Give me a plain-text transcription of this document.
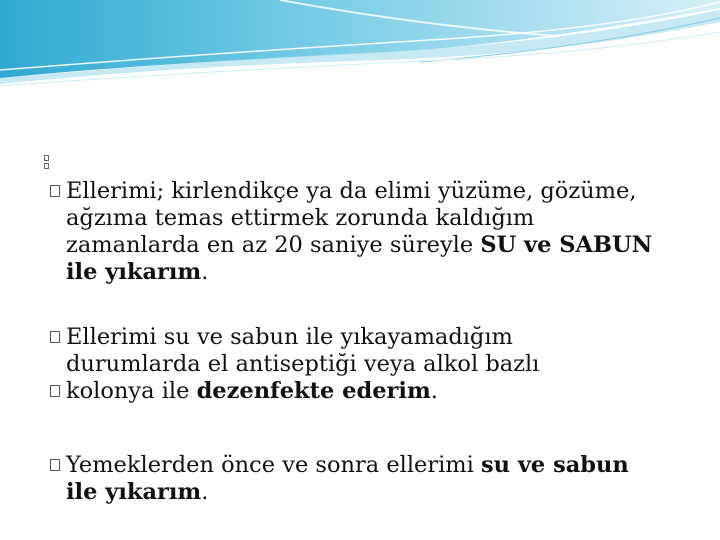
Ellerimi; kirlendikçe ya da elimi yüzüme, gözüme,
ağzıma temas ettirmek zorunda kaldığım
zamanlarda en az 20 saniye süreyle SU ve SABUN
ile yıkarım.
Ellerimi su ve sabun ile yıkayamadığım
durumlarda el antiseptiği veya alkol bazlı
kolonya ile dezenfekte ederim.
Yemeklerden önce ve sonra ellerimi su ve sabun
ile yıkarım.
